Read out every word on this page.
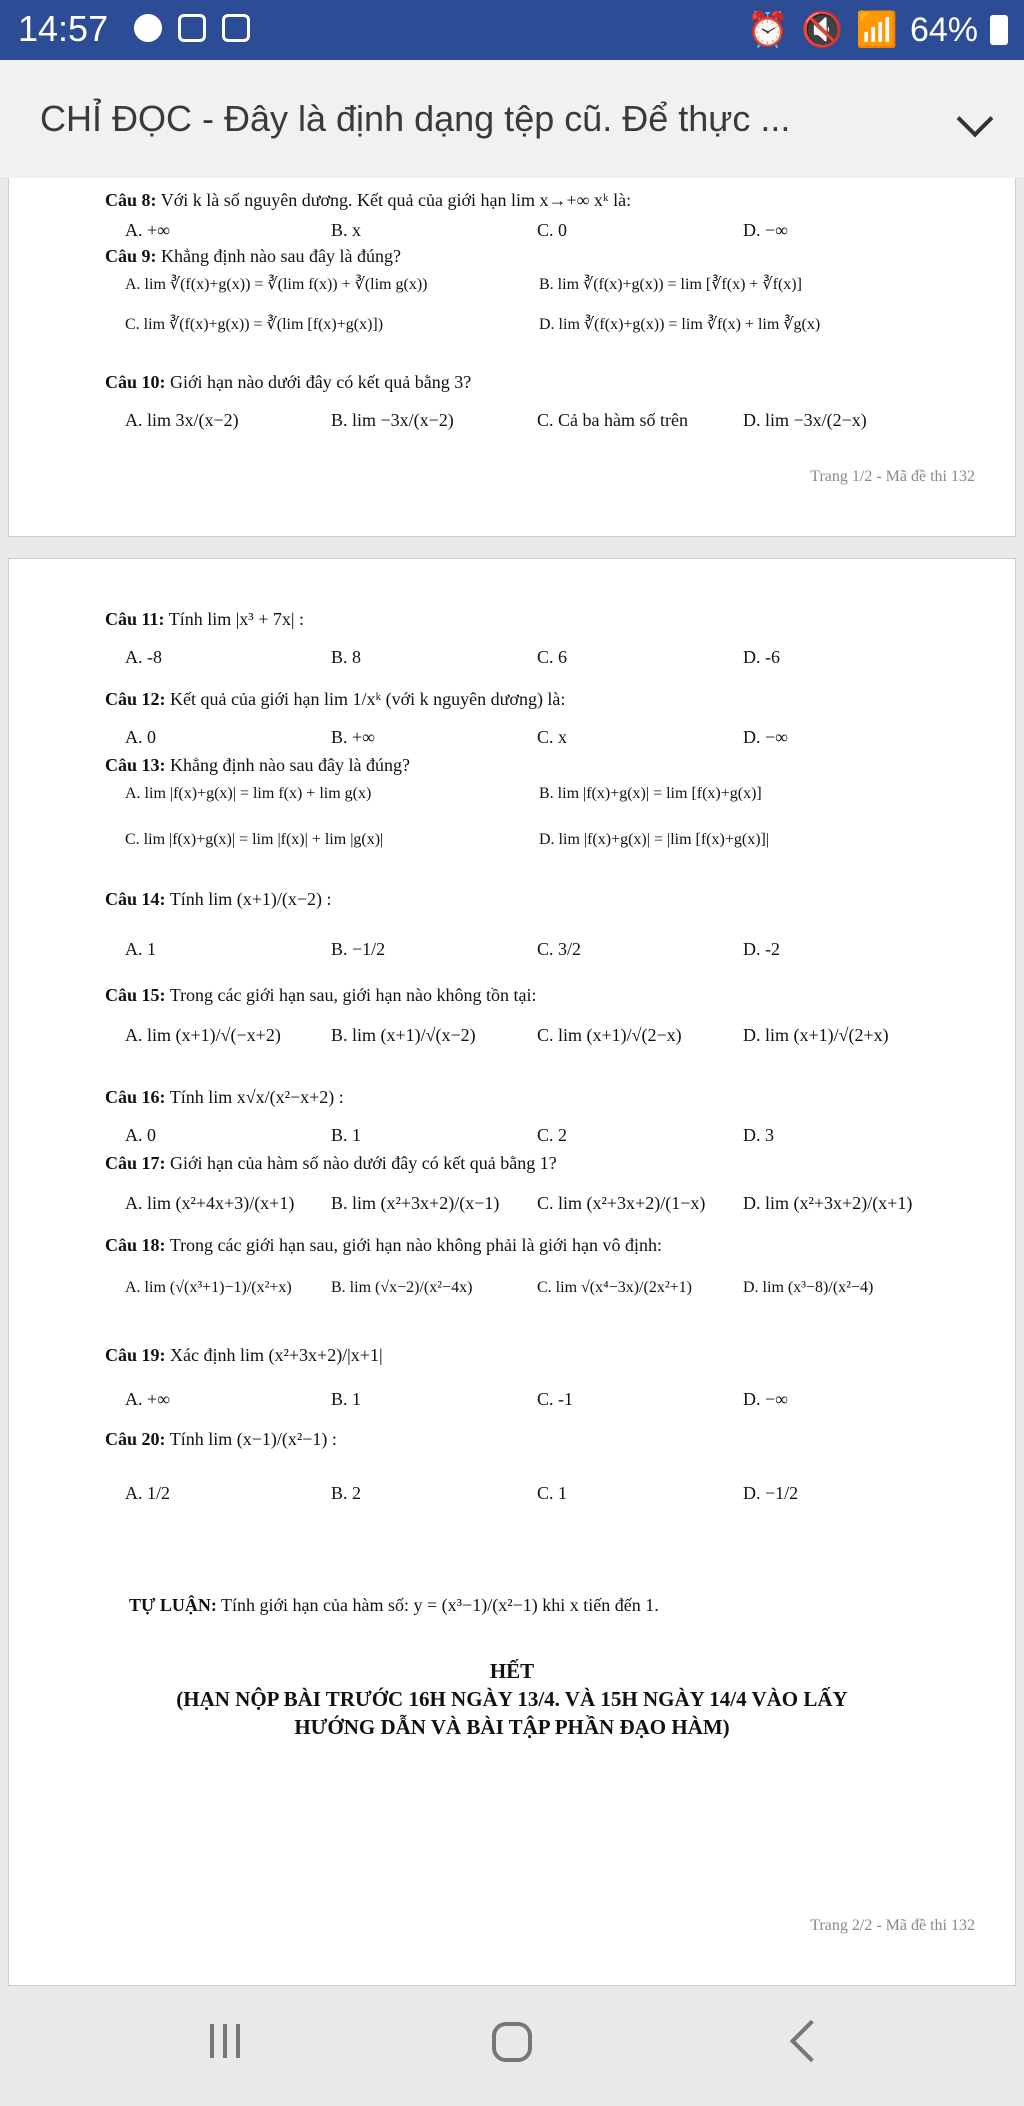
14:57	⏰ 🔇 📶 64%
CHỈ ĐỌC - Đây là định dạng tệp cũ. Để thực ...
Câu 8: Với k là số nguyên dương. Kết quả của giới hạn lim x→+∞ xᵏ là:
A. +∞	B. x	C. 0	D. −∞
Câu 9: Khẳng định nào sau đây là đúng?
A. lim ∛(f(x)+g(x)) = ∛(lim f(x)) + ∛(lim g(x))	B. lim ∛(f(x)+g(x)) = lim [∛f(x) + ∛f(x)]
C. lim ∛(f(x)+g(x)) = ∛(lim [f(x)+g(x)])	D. lim ∛(f(x)+g(x)) = lim ∛f(x) + lim ∛g(x)
Câu 10: Giới hạn nào dưới đây có kết quả bằng 3?
A. lim 3x/(x−2)	B. lim −3x/(x−2)	C. Cả ba hàm số trên	D. lim −3x/(2−x)
Trang 1/2 - Mã đề thi 132
Câu 11: Tính lim |x³ + 7x| :
A. -8	B. 8	C. 6	D. -6
Câu 12: Kết quả của giới hạn lim 1/xᵏ (với k nguyên dương) là:
A. 0	B. +∞	C. x	D. −∞
Câu 13: Khẳng định nào sau đây là đúng?
A. lim |f(x)+g(x)| = lim f(x) + lim g(x)	B. lim |f(x)+g(x)| = lim [f(x)+g(x)]
C. lim |f(x)+g(x)| = lim |f(x)| + lim |g(x)|	D. lim |f(x)+g(x)| = |lim [f(x)+g(x)]|
Câu 14: Tính lim (x+1)/(x−2) :
A. 1	B. −1/2	C. 3/2	D. -2
Câu 15: Trong các giới hạn sau, giới hạn nào không tồn tại:
A. lim (x+1)/√(−x+2)	B. lim (x+1)/√(x−2)	C. lim (x+1)/√(2−x)	D. lim (x+1)/√(2+x)
Câu 16: Tính lim x√x/(x²−x+2) :
A. 0	B. 1	C. 2	D. 3
Câu 17: Giới hạn của hàm số nào dưới đây có kết quả bằng 1?
A. lim (x²+4x+3)/(x+1) B. lim (x²+3x+2)/(x−1) C. lim (x²+3x+2)/(1−x) D. lim (x²+3x+2)/(x+1)
Câu 18: Trong các giới hạn sau, giới hạn nào không phải là giới hạn vô định:
A. lim (√(x³+1)−1)/(x²+x) B. lim (√x−2)/(x²−4x)	C. lim √(x⁴−3x)/(2x²+1)	D. lim (x³−8)/(x²−4)
Câu 19: Xác định lim (x²+3x+2)/|x+1|
A. +∞	B. 1	C. -1	D. −∞
Câu 20: Tính lim (x−1)/(x²−1) :
A. 1/2	B. 2	C. 1	D. −1/2
TỰ LUẬN: Tính giới hạn của hàm số: y = (x³−1)/(x²−1) khi x tiến đến 1.
HẾT
(HẠN NỘP BÀI TRƯỚC 16H NGÀY 13/4. VÀ 15H NGÀY 14/4 VÀO LẤY
HƯỚNG DẪN VÀ BÀI TẬP PHẦN ĐẠO HÀM)
Trang 2/2 - Mã đề thi 132
